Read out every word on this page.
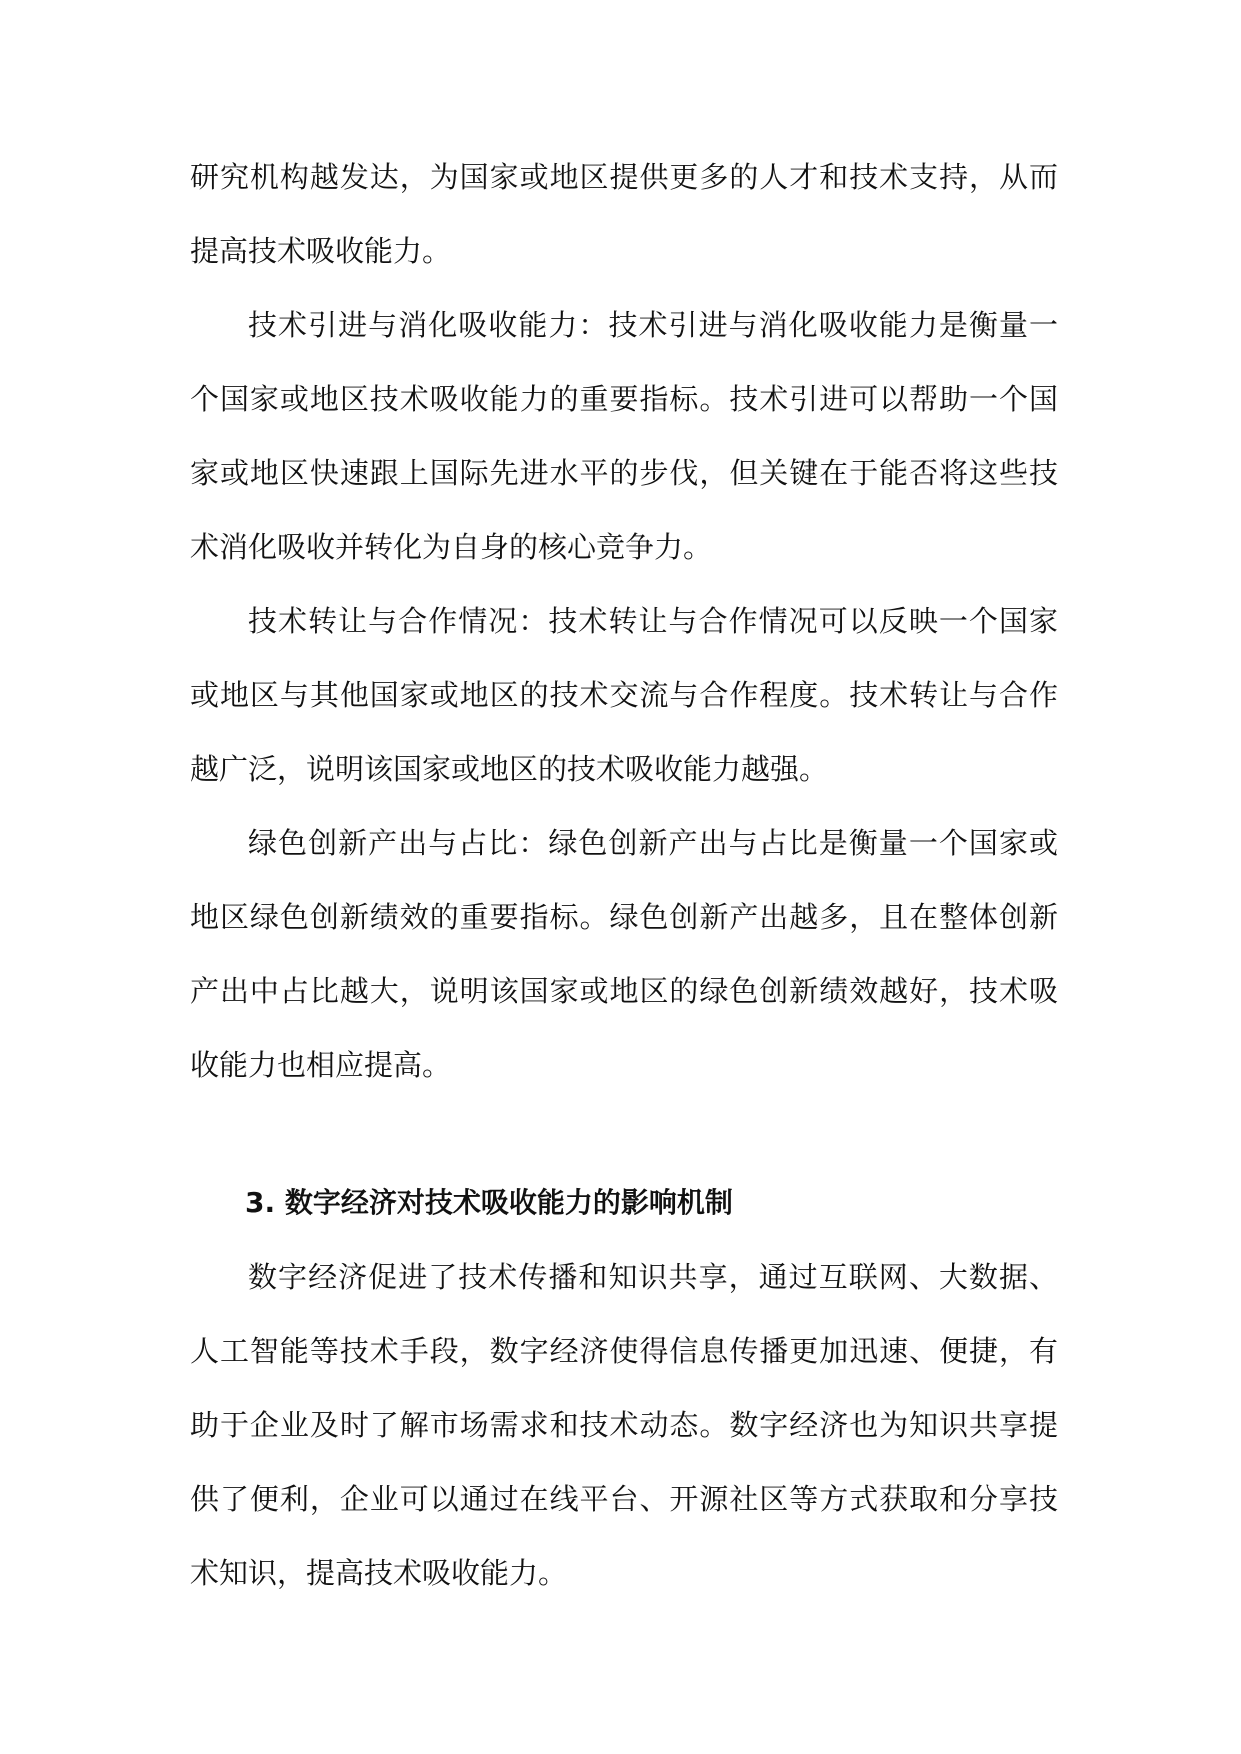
研究机构越发达，为国家或地区提供更多的人才和技术支持，从而提高技术吸收能力。

技术引进与消化吸收能力：技术引进与消化吸收能力是衡量一个国家或地区技术吸收能力的重要指标。技术引进可以帮助一个国家或地区快速跟上国际先进水平的步伐，但关键在于能否将这些技术消化吸收并转化为自身的核心竞争力。

技术转让与合作情况：技术转让与合作情况可以反映一个国家或地区与其他国家或地区的技术交流与合作程度。技术转让与合作越广泛，说明该国家或地区的技术吸收能力越强。

绿色创新产出与占比：绿色创新产出与占比是衡量一个国家或地区绿色创新绩效的重要指标。绿色创新产出越多，且在整体创新产出中占比越大，说明该国家或地区的绿色创新绩效越好，技术吸收能力也相应提高。

3. 数字经济对技术吸收能力的影响机制

数字经济促进了技术传播和知识共享，通过互联网、大数据、人工智能等技术手段，数字经济使得信息传播更加迅速、便捷，有助于企业及时了解市场需求和技术动态。数字经济也为知识共享提供了便利，企业可以通过在线平台、开源社区等方式获取和分享技术知识，提高技术吸收能力。
